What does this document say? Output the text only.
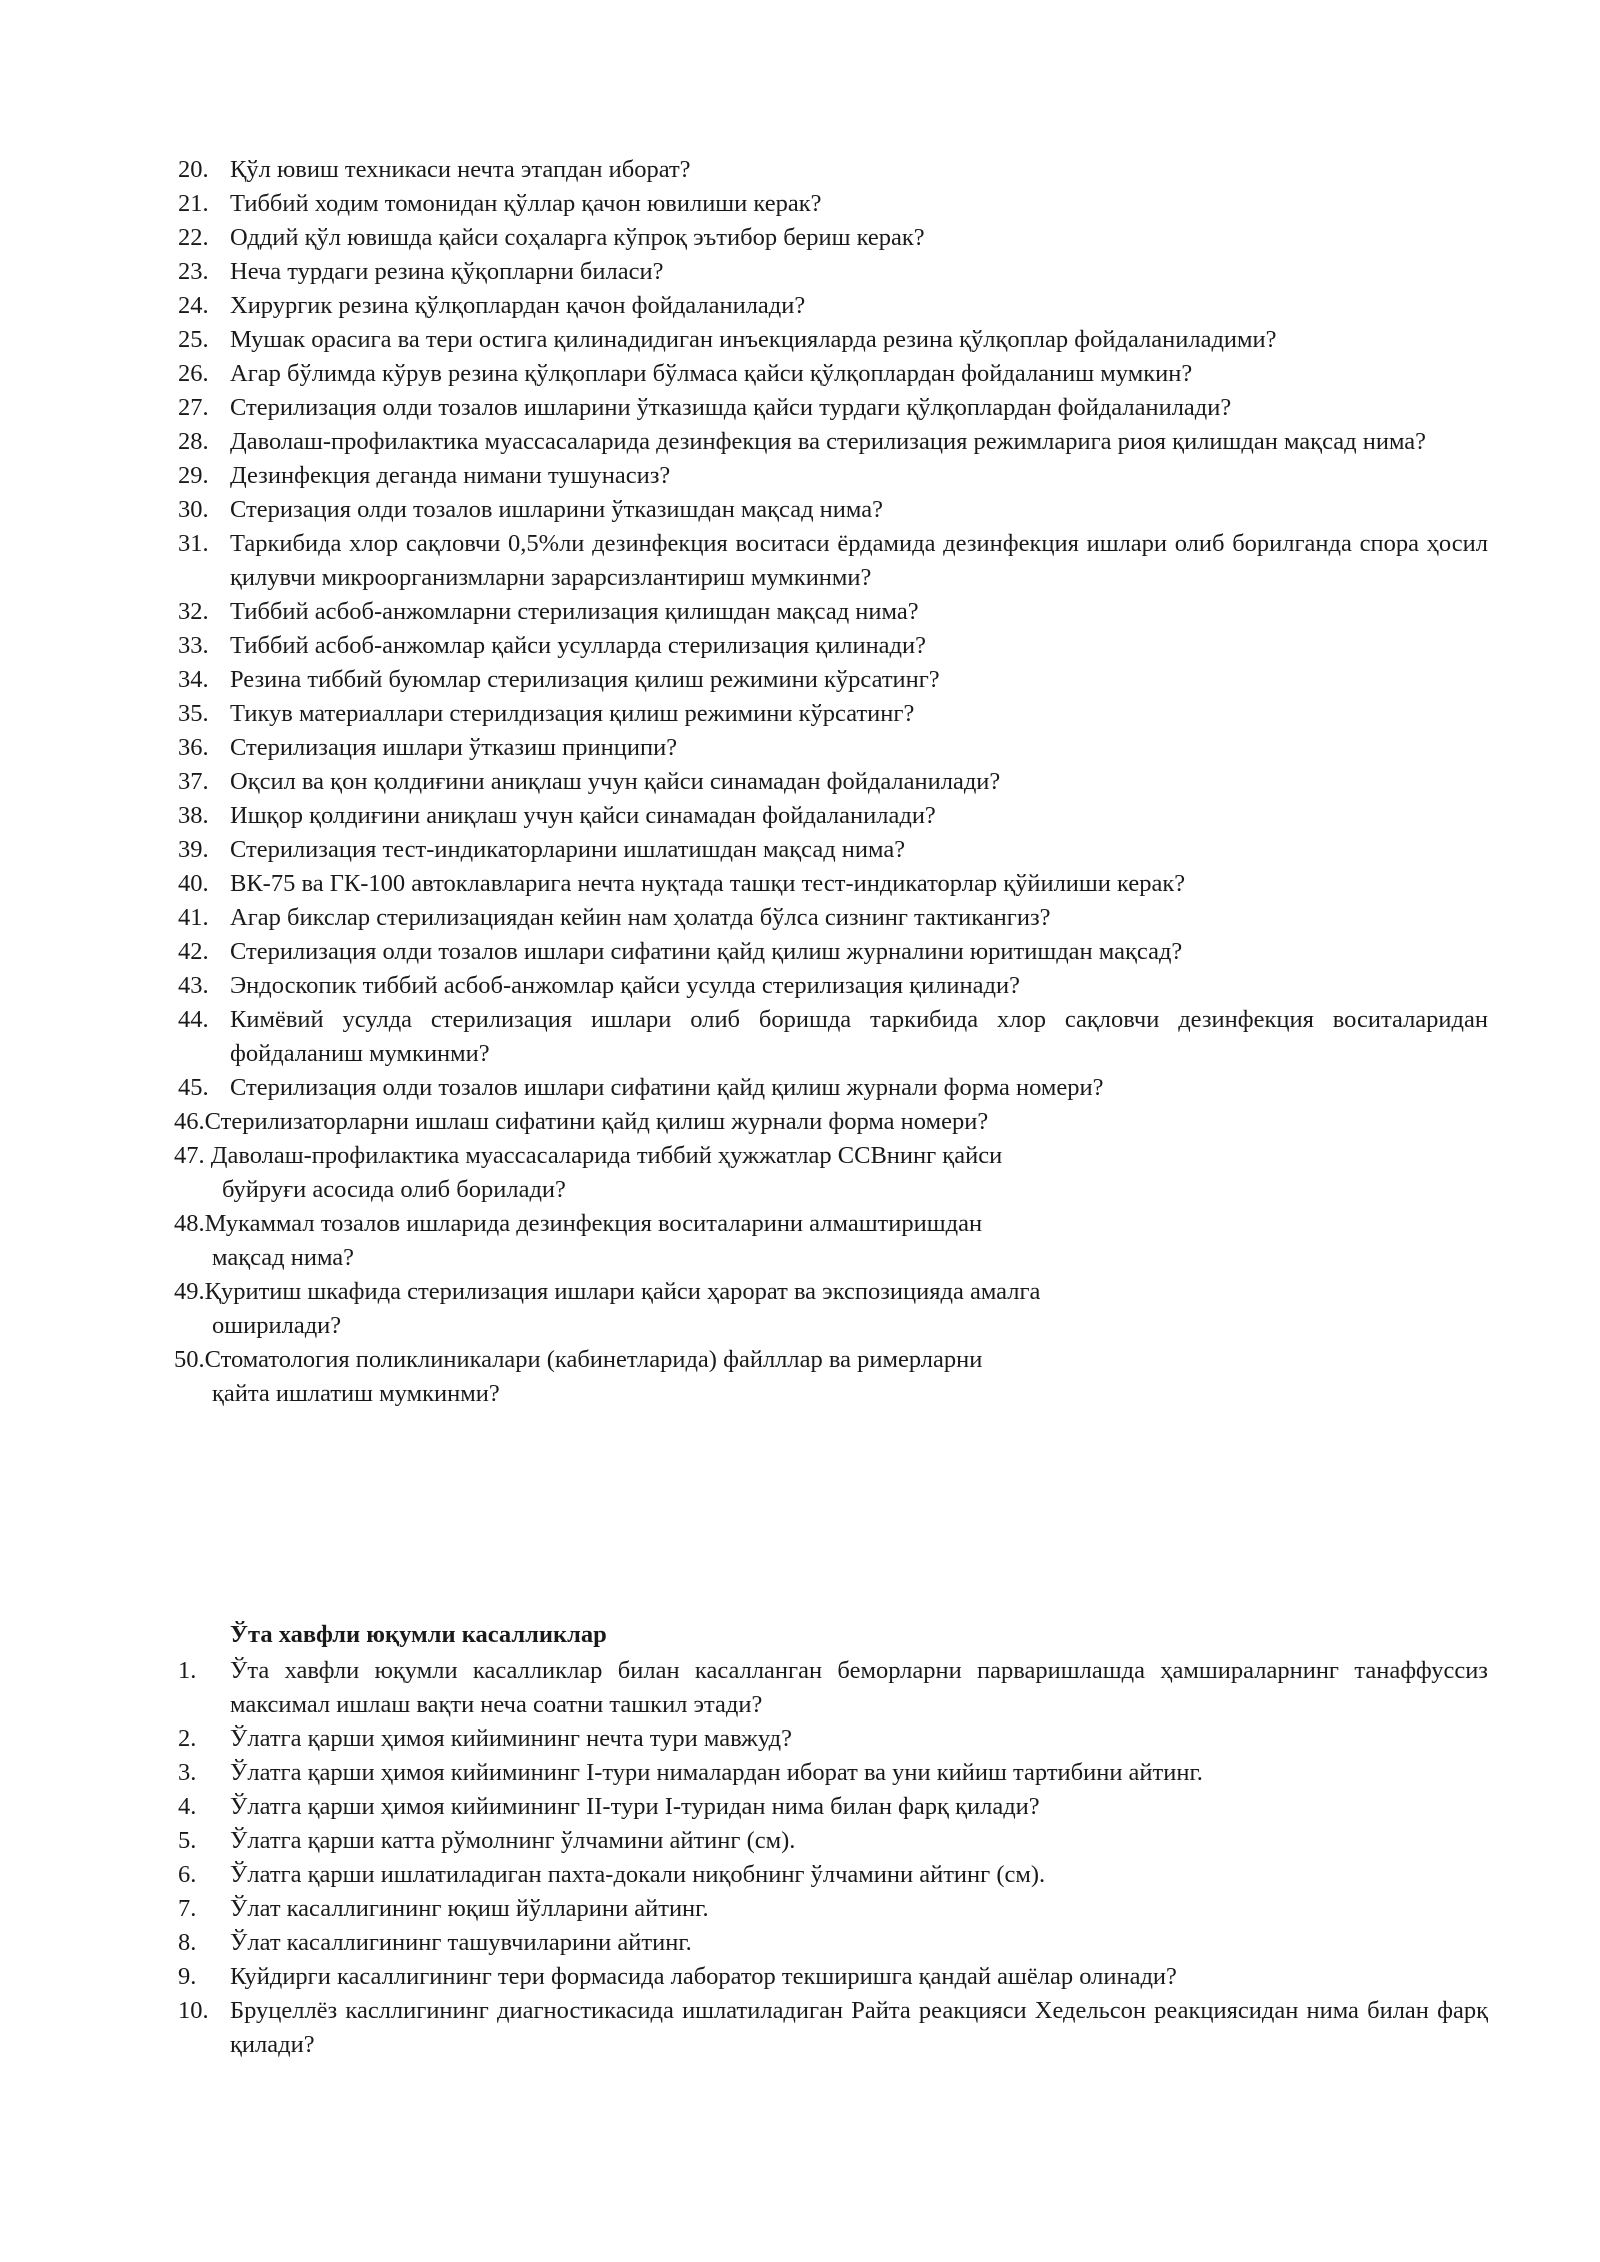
20. Қўл ювиш техникаси нечта этапдан иборат?
21. Тиббий ходим томонидан қўллар қачон ювилиши керак?
22. Оддий қўл ювишда қайси соҳаларга кўпроқ эътибор бериш керак?
23. Неча турдаги резина қўқопларни биласи?
24. Хирургик резина қўлқоплардан қачон фойдаланилади?
25. Мушак орасига ва тери остига қилинадидиган инъекцияларда резина қўлқоплар фойдаланиладими?
26. Агар бўлимда кўрув резина қўлқоплари бўлмаса қайси қўлқоплардан фойдаланиш мумкин?
27. Стерилизация олди тозалов ишларини ўтказишда қайси турдаги қўлқоплардан фойдаланилади?
28. Даволаш-профилактика муассасаларида дезинфекция ва стерилизация режимларига риоя қилишдан мақсад нима?
29. Дезинфекция деганда нимани тушунасиз?
30. Стеризация олди тозалов ишларини ўтказишдан мақсад нима?
31. Таркибида хлор сақловчи 0,5%ли дезинфекция воситаси ёрдамида дезинфекция ишлари олиб борилганда спора ҳосил қилувчи микроорганизмларни зарарсизлантириш мумкинми?
32. Тиббий асбоб-анжомларни стерилизация қилишдан мақсад нима?
33. Тиббий асбоб-анжомлар қайси усулларда стерилизация қилинади?
34. Резина тиббий буюмлар стерилизация қилиш режимини кўрсатинг?
35. Тикув материаллари стерилдизация қилиш режимини кўрсатинг?
36. Стерилизация ишлари ўтказиш принципи?
37. Оқсил ва қон қолдиғини аниқлаш учун қайси синамадан фойдаланилади?
38. Ишқор қолдиғини аниқлаш учун қайси синамадан фойдаланилади?
39. Стерилизация тест-индикаторларини ишлатишдан мақсад нима?
40. ВК-75 ва ГК-100 автоклавларига нечта нуқтада ташқи тест-индикаторлар қўйилиши керак?
41. Агар бикслар стерилизациядан кейин нам ҳолатда бўлса сизнинг тактикангиз?
42. Стерилизация олди тозалов ишлари сифатини қайд қилиш журналини юритишдан мақсад?
43. Эндоскопик тиббий асбоб-анжомлар қайси усулда стерилизация қилинади?
44. Кимёвий усулда стерилизация ишлари олиб боришда таркибида хлор сақловчи дезинфекция воситаларидан фойдаланиш мумкинми?
45. Стерилизация олди тозалов ишлари сифатини қайд қилиш журнали форма номери?
46.Стерилизаторларни ишлаш сифатини қайд қилиш журнали форма номери?
47. Даволаш-профилактика муассасаларида тиббий ҳужжатлар ССВнинг қайси
буйруғи асосида олиб борилади?
48.Мукаммал тозалов ишларида дезинфекция воситаларини алмаштиришдан
мақсад нима?
49.Қуритиш шкафида стерилизация ишлари қайси ҳарорат ва экспозицияда амалга
оширилади?
50.Стоматология поликлиникалари (кабинетларида) файлллар ва римерларни
қайта ишлатиш мумкинми?
Ўта хавфли юқумли касалликлар
1. Ўта хавфли юқумли касалликлар билан касалланган беморларни парваришлашда ҳамшираларнинг танаффуссиз максимал ишлаш вақти неча соатни ташкил этади?
2. Ўлатга қарши ҳимоя кийимининг нечта тури мавжуд?
3. Ўлатга қарши ҳимоя кийимининг I-тури нималардан иборат ва уни кийиш тартибини айтинг.
4. Ўлатга қарши ҳимоя кийимининг II-тури I-туридан нима билан фарқ қилади?
5. Ўлатга қарши катта рўмолнинг ўлчамини айтинг (см).
6. Ўлатга қарши ишлатиладиган пахта-докали ниқобнинг ўлчамини айтинг (см).
7. Ўлат касаллигининг юқиш йўлларини айтинг.
8. Ўлат касаллигининг ташувчиларини айтинг.
9. Куйдирги касаллигининг тери формасида лаборатор текширишга қандай ашёлар олинади?
10. Бруцеллёз касллигининг диагностикасида ишлатиладиган Райта реакцияси Хедельсон реакциясидан нима билан фарқ қилади?
